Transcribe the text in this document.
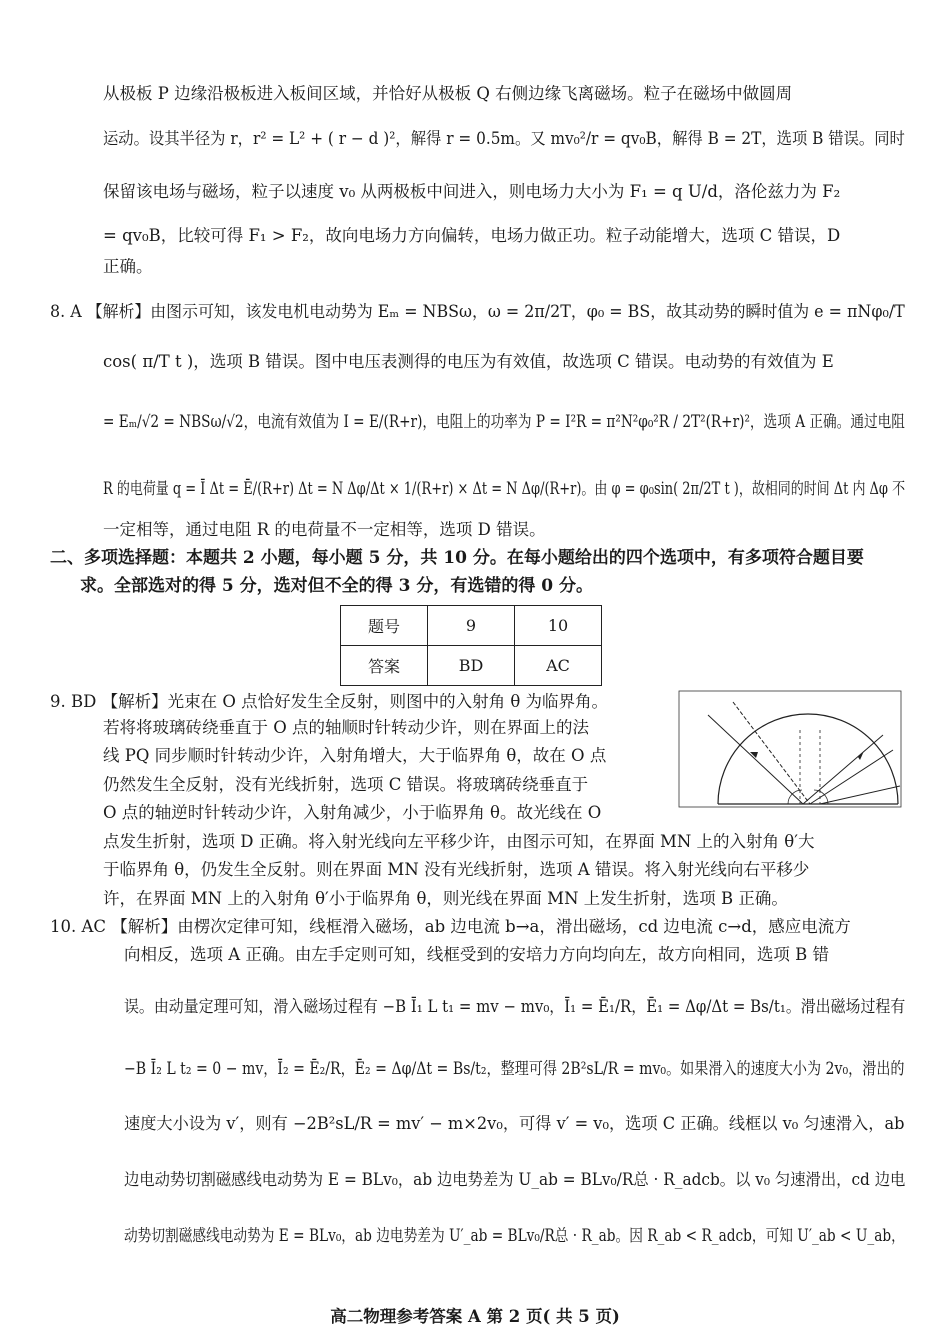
从极板 P 边缘沿极板进入板间区域，并恰好从极板 Q 右侧边缘飞离磁场。粒子在磁场中做圆周
运动。设其半径为 r，r² = L² + ( r − d )²，解得 r = 0.5m。又 mv₀²/r = qv₀B，解得 B = 2T，选项 B 错误。同时
保留该电场与磁场，粒子以速度 v₀ 从两极板中间进入，则电场力大小为 F₁ = q U/d，洛伦兹力为 F₂
= qv₀B，比较可得 F₁ > F₂，故向电场力方向偏转，电场力做正功。粒子动能增大，选项 C 错误，D
正确。
8. A 【解析】由图示可知，该发电机电动势为 Eₘ = NBSω，ω = 2π/2T，φ₀ = BS，故其动势的瞬时值为 e = πNφ₀/T
cos( π/T t )，选项 B 错误。图中电压表测得的电压为有效值，故选项 C 错误。电动势的有效值为 E
= Eₘ/√2 = NBSω/√2，电流有效值为 I = E/(R+r)，电阻上的功率为 P = I²R = π²N²φ₀²R / 2T²(R+r)²，选项 A 正确。通过电阻
R 的电荷量 q = Ī Δt = Ē/(R+r) Δt = N Δφ/Δt × 1/(R+r) × Δt = N Δφ/(R+r)。由 φ = φ₀sin( 2π/2T t )，故相同的时间 Δt 内 Δφ 不
一定相等，通过电阻 R 的电荷量不一定相等，选项 D 错误。
二、多项选择题：本题共 2 小题，每小题 5 分，共 10 分。在每小题给出的四个选项中，有多项符合题目要
求。全部选对的得 5 分，选对但不全的得 3 分，有选错的得 0 分。
题号	9	10
答案	BD	AC
9. BD 【解析】光束在 O 点恰好发生全反射，则图中的入射角 θ 为临界角。
若将将玻璃砖绕垂直于 O 点的轴顺时针转动少许，则在界面上的法
线 PQ 同步顺时针转动少许，入射角增大，大于临界角 θ，故在 O 点
仍然发生全反射，没有光线折射，选项 C 错误。将玻璃砖绕垂直于
O 点的轴逆时针转动少许，入射角减少，小于临界角 θ。故光线在 O
点发生折射，选项 D 正确。将入射光线向左平移少许，由图示可知，在界面 MN 上的入射角 θ′大
于临界角 θ，仍发生全反射。则在界面 MN 没有光线折射，选项 A 错误。将入射光线向右平移少
许，在界面 MN 上的入射角 θ′小于临界角 θ，则光线在界面 MN 上发生折射，选项 B 正确。
10. AC 【解析】由楞次定律可知，线框滑入磁场，ab 边电流 b→a，滑出磁场，cd 边电流 c→d，感应电流方
向相反，选项 A 正确。由左手定则可知，线框受到的安培力方向均向左，故方向相同，选项 B 错
误。由动量定理可知，滑入磁场过程有 −B Ī₁ L t₁ = mv − mv₀，Ī₁ = Ē₁/R，Ē₁ = Δφ/Δt = Bs/t₁。滑出磁场过程有
−B Ī₂ L t₂ = 0 − mv，Ī₂ = Ē₂/R，Ē₂ = Δφ/Δt = Bs/t₂，整理可得 2B²sL/R = mv₀。如果滑入的速度大小为 2v₀，滑出的
速度大小设为 v′，则有 −2B²sL/R = mv′ − m×2v₀，可得 v′ = v₀，选项 C 正确。线框以 v₀ 匀速滑入，ab
边电动势切割磁感线电动势为 E = BLv₀，ab 边电势差为 U_ab = BLv₀/R总 · R_adcb。以 v₀ 匀速滑出，cd 边电
动势切割磁感线电动势为 E = BLv₀，ab 边电势差为 U′_ab = BLv₀/R总 · R_ab。因 R_ab < R_adcb，可知 U′_ab < U_ab，
高二物理参考答案 A 第 2 页( 共 5 页)
